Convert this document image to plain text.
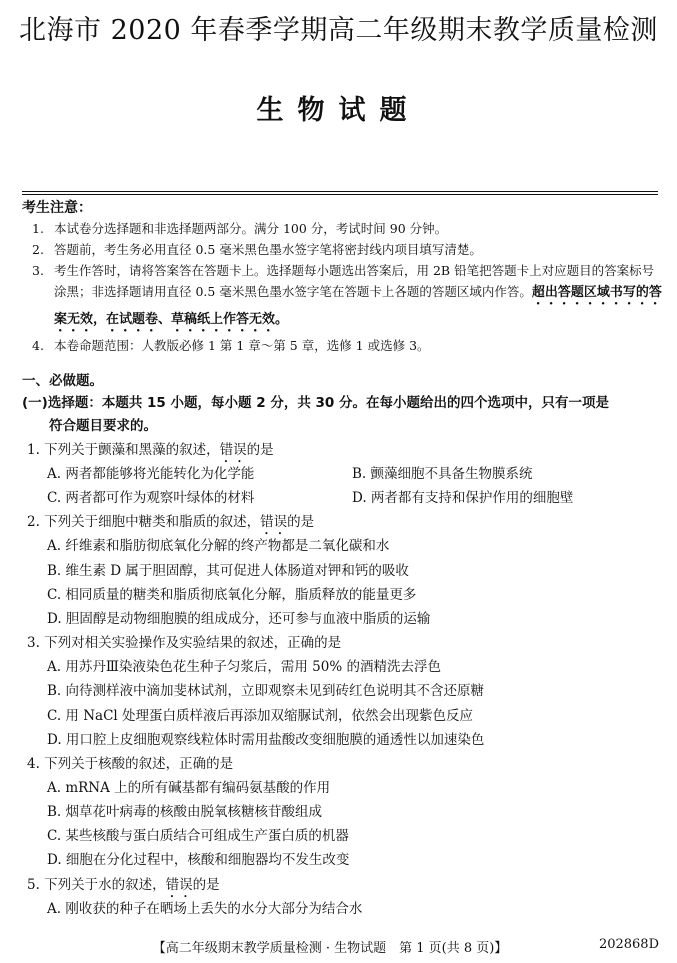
北海市 2020 年春季学期高二年级期末教学质量检测
生物试题
考生注意：
1. 本试卷分选择题和非选择题两部分。满分 100 分，考试时间 90 分钟。
2. 答题前，考生务必用直径 0.5 毫米黑色墨水签字笔将密封线内项目填写清楚。
3. 考生作答时，请将答案答在答题卡上。选择题每小题选出答案后，用 2B 铅笔把答题卡上对应题目的答案标号涂黑；非选择题请用直径 0.5 毫米黑色墨水签字笔在答题卡上各题的答题区域内作答。超出答题区域书写的答案无效，在试题卷、草稿纸上作答无效。
4. 本卷命题范围：人教版必修 1 第 1 章～第 5 章，选修 1 或选修 3。
一、必做题。
(一)选择题：本题共 15 小题，每小题 2 分，共 30 分。在每小题给出的四个选项中，只有一项是
符合题目要求的。
1. 下列关于颤藻和黑藻的叙述，错误的是
A. 两者都能够将光能转化为化学能	B. 颤藻细胞不具备生物膜系统
C. 两者都可作为观察叶绿体的材料	D. 两者都有支持和保护作用的细胞壁
2. 下列关于细胞中糖类和脂质的叙述，错误的是
A. 纤维素和脂肪彻底氧化分解的终产物都是二氧化碳和水
B. 维生素 D 属于胆固醇，其可促进人体肠道对钾和钙的吸收
C. 相同质量的糖类和脂质彻底氧化分解，脂质释放的能量更多
D. 胆固醇是动物细胞膜的组成成分，还可参与血液中脂质的运输
3. 下列对相关实验操作及实验结果的叙述，正确的是
A. 用苏丹Ⅲ染液染色花生种子匀浆后，需用 50% 的酒精洗去浮色
B. 向待测样液中滴加斐林试剂，立即观察未见到砖红色说明其不含还原糖
C. 用 NaCl 处理蛋白质样液后再添加双缩脲试剂，依然会出现紫色反应
D. 用口腔上皮细胞观察线粒体时需用盐酸改变细胞膜的通透性以加速染色
4. 下列关于核酸的叙述，正确的是
A. mRNA 上的所有碱基都有编码氨基酸的作用
B. 烟草花叶病毒的核酸由脱氧核糖核苷酸组成
C. 某些核酸与蛋白质结合可组成生产蛋白质的机器
D. 细胞在分化过程中，核酸和细胞器均不发生改变
5. 下列关于水的叙述，错误的是
A. 刚收获的种子在晒场上丢失的水分大部分为结合水
【高二年级期末教学质量检测 · 生物试题　第 1 页(共 8 页)】	202868D
